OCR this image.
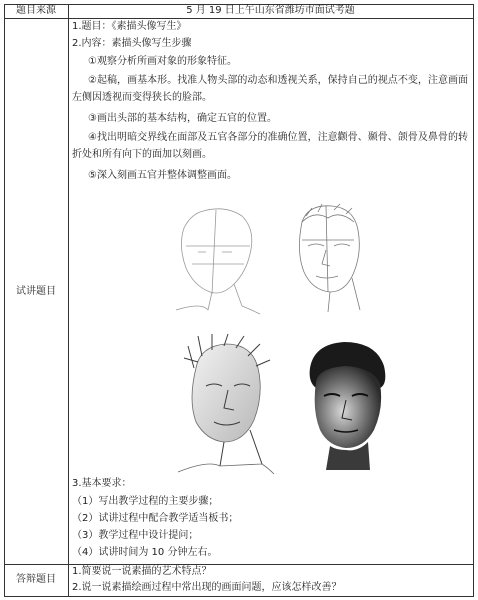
题目来源	5 月 19 日上午山东省潍坊市面试考题
试讲题目
答辩题目
1.题目：《素描头像写生》
2.内容：素描头像写生步骤
①观察分析所画对象的形象特征。
②起稿，画基本形。找准人物头部的动态和透视关系，保持自己的视点不变，注意画面左侧因透视而变得狭长的脸部。
③画出头部的基本结构，确定五官的位置。
④找出明暗交界线在面部及五官各部分的准确位置，注意颧骨、颞骨、颌骨及鼻骨的转折处和所有向下的面加以刻画。
⑤深入刻画五官并整体调整画面。
3.基本要求：
（1）写出教学过程的主要步骤；
（2）试讲过程中配合教学适当板书；
（3）教学过程中设计提问；
（4）试讲时间为 10 分钟左右。
1.简要说一说素描的艺术特点？
2.说一说素描绘画过程中常出现的画面问题，应该怎样改善？
